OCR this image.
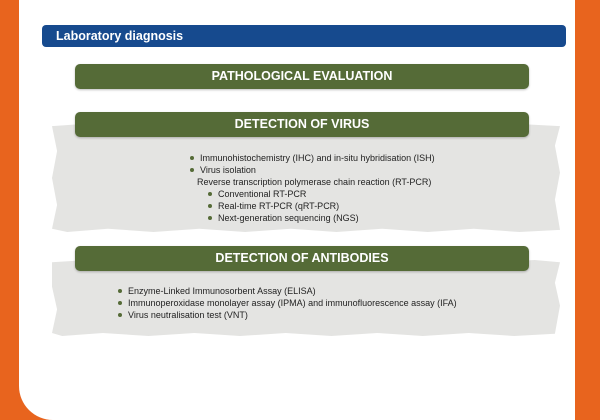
Laboratory diagnosis
PATHOLOGICAL EVALUATION
DETECTION OF VIRUS
Immunohistochemistry (IHC) and in-situ hybridisation (ISH)
Virus isolation
Reverse transcription polymerase chain reaction (RT-PCR)
Conventional RT-PCR
Real-time RT-PCR (qRT-PCR)
Next-generation sequencing (NGS)
DETECTION OF ANTIBODIES
Enzyme-Linked Immunosorbent Assay (ELISA)
Immunoperoxidase monolayer assay (IPMA) and immunofluorescence assay (IFA)
Virus neutralisation test (VNT)
